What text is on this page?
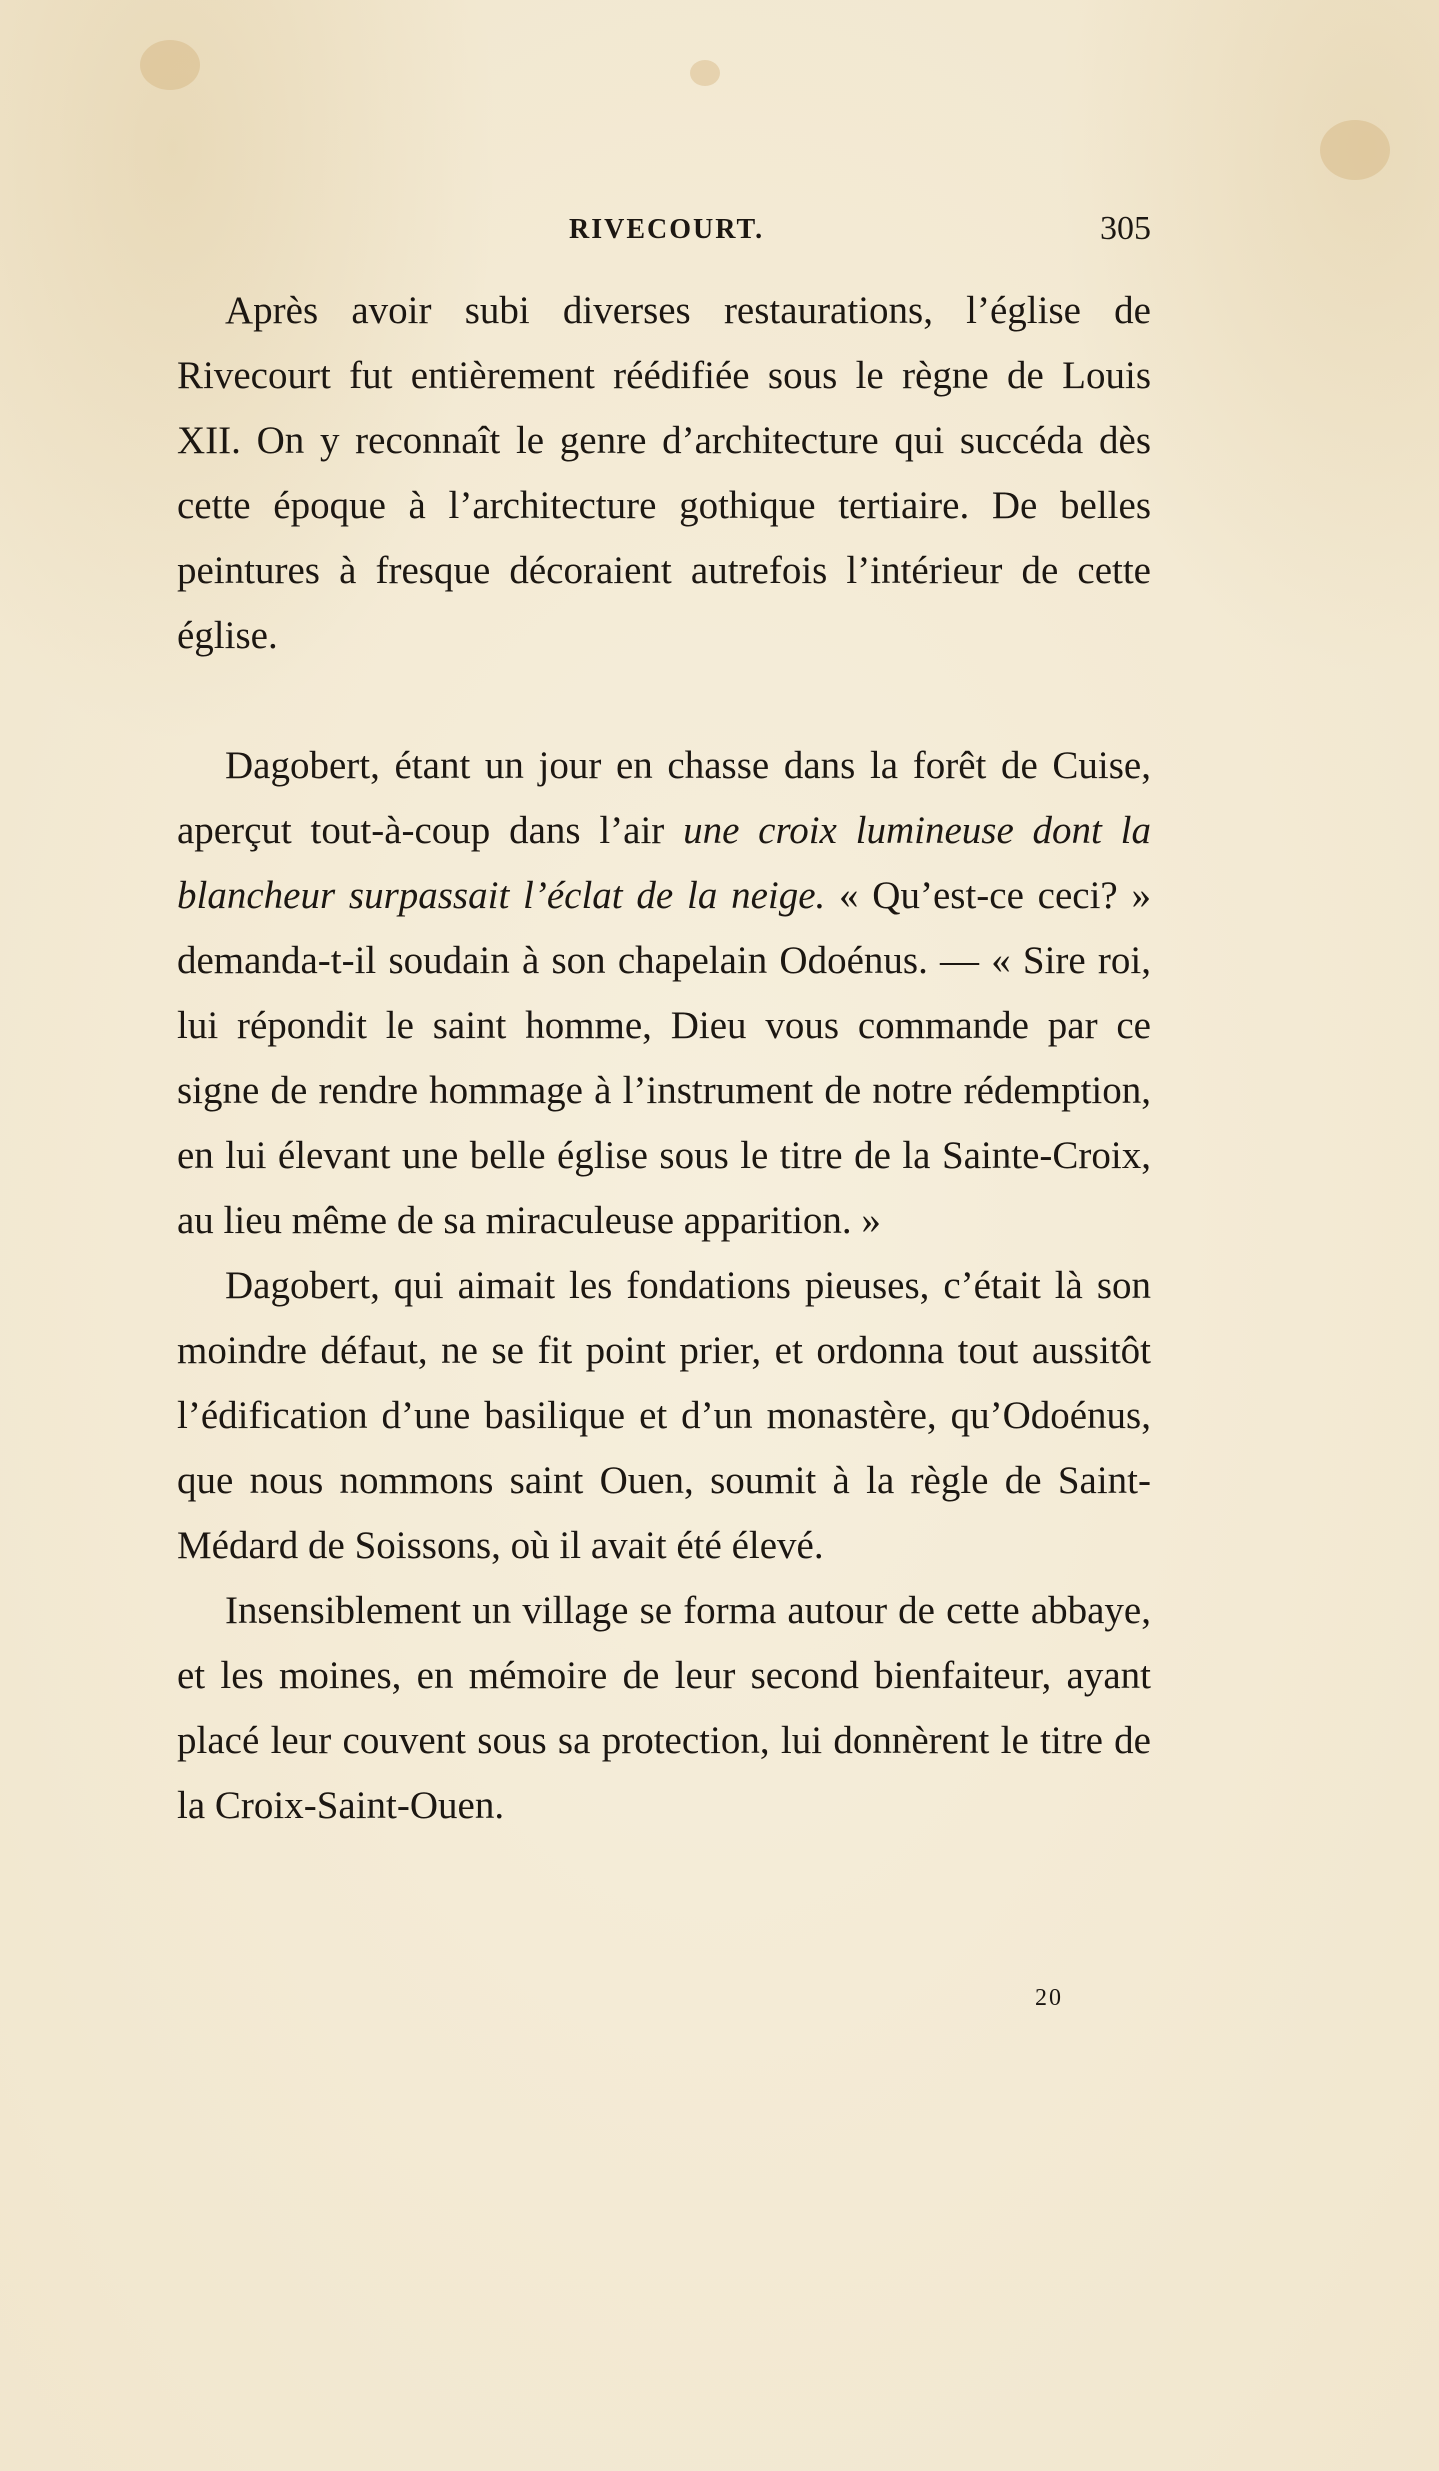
RIVECOURT.	305

Après avoir subi diverses restaurations, l’église de Rivecourt fut entièrement réédifiée sous le règne de Louis XII. On y reconnaît le genre d’architecture qui succéda dès cette époque à l’architecture gothique tertiaire. De belles peintures à fresque décoraient autrefois l’intérieur de cette église.

Dagobert, étant un jour en chasse dans la forêt de Cuise, aperçut tout-à-coup dans l’air une croix lumineuse dont la blancheur surpassait l’éclat de la neige. « Qu’est-ce ceci? » demanda-t-il soudain à son chapelain Odoénus. — « Sire roi, lui répondit le saint homme, Dieu vous commande par ce signe de rendre hommage à l’instrument de notre rédemption, en lui élevant une belle église sous le titre de la Sainte-Croix, au lieu même de sa miraculeuse apparition. »

Dagobert, qui aimait les fondations pieuses, c’était là son moindre défaut, ne se fit point prier, et ordonna tout aussitôt l’édification d’une basilique et d’un monastère, qu’Odoénus, que nous nommons saint Ouen, soumit à la règle de Saint-Médard de Soissons, où il avait été élevé.

Insensiblement un village se forma autour de cette abbaye, et les moines, en mémoire de leur second bienfaiteur, ayant placé leur couvent sous sa protection, lui donnèrent le titre de la Croix-Saint-Ouen.

20
